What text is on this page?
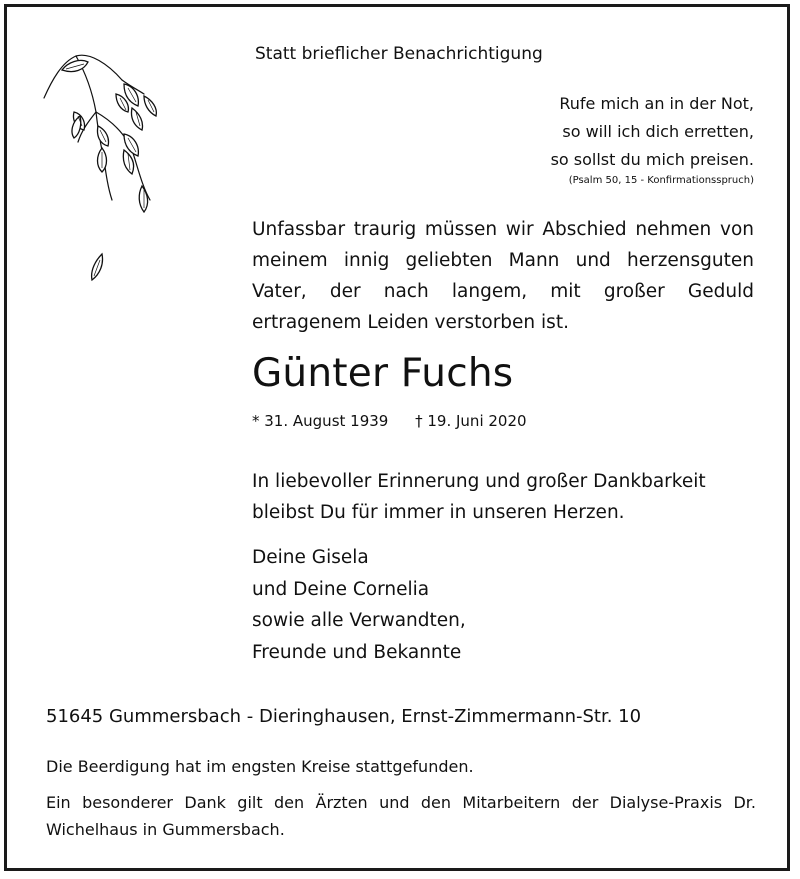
Statt brieflicher Benachrichtigung
Rufe mich an in der Not,
so will ich dich erretten,
so sollst du mich preisen.
(Psalm 50, 15 - Konfirmationsspruch)
Unfassbar traurig müssen wir Abschied nehmen von meinem innig geliebten Mann und herzensguten Vater, der nach langem, mit großer Geduld ertragenem Leiden verstorben ist.
Günter Fuchs
* 31. August 1939 † 19. Juni 2020
In liebevoller Erinnerung und großer Dankbarkeit
bleibst Du für immer in unseren Herzen.
Deine Gisela
und Deine Cornelia
sowie alle Verwandten,
Freunde und Bekannte
51645 Gummersbach - Dieringhausen, Ernst-Zimmermann-Str. 10
Die Beerdigung hat im engsten Kreise stattgefunden.
Ein besonderer Dank gilt den Ärzten und den Mitarbeitern der Dialyse-Praxis Dr. Wichelhaus in Gummersbach.
